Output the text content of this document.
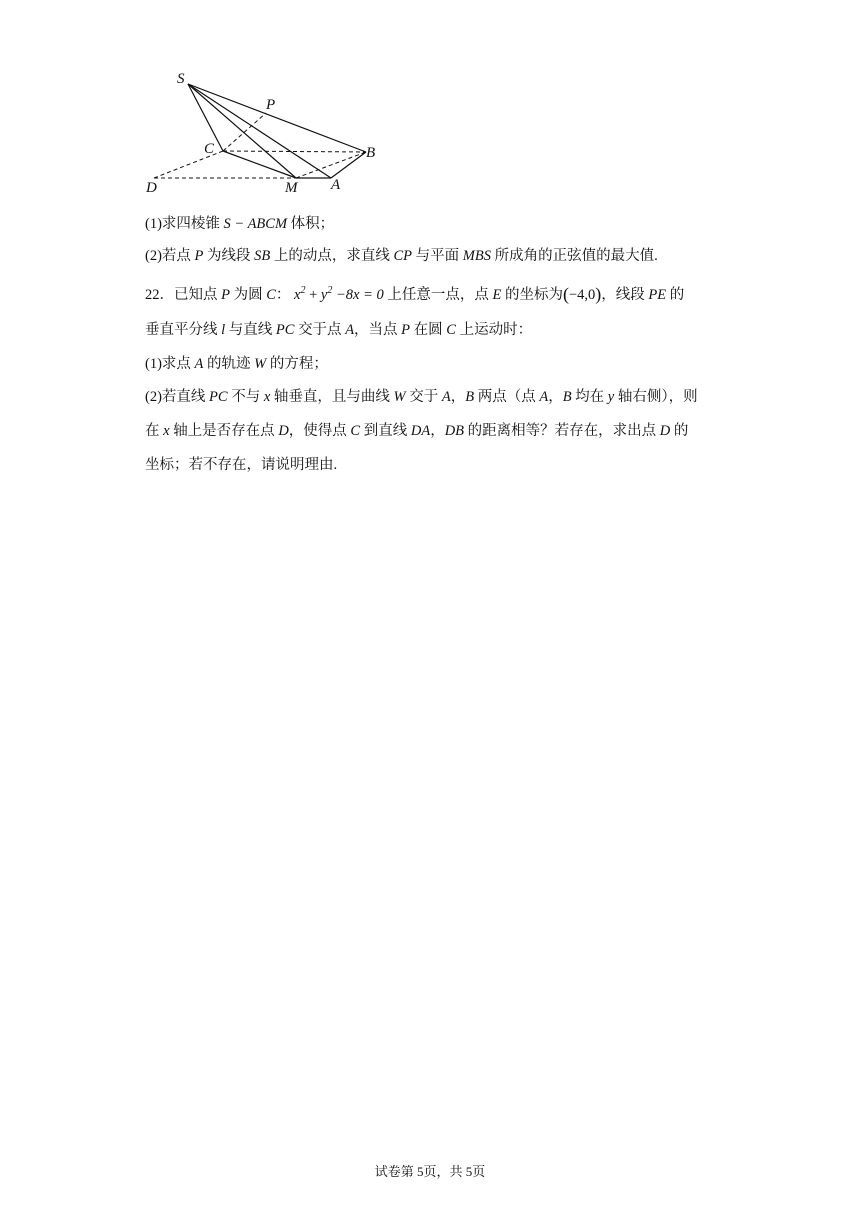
S
P
C	B
D	M A
(1)求四棱锥 S − ABCM 体积；
(2)若点 P 为线段 SB 上的动点，求直线 CP 与平面 MBS 所成角的正弦值的最大值.
22．已知点 P 为圆 C： $x^2 + y^2 -8x = 0$ 上任意一点，点 E 的坐标为(−4,0)，线段 PE 的
垂直平分线 l 与直线 PC 交于点 A，当点 P 在圆 C 上运动时：
(1)求点 A 的轨迹 W 的方程；
(2)若直线 PC 不与 x 轴垂直，且与曲线 W 交于 A，B 两点（点 A，B 均在 y 轴右侧），则
在 x 轴上是否存在点 D，使得点 C 到直线 DA，DB 的距离相等？若存在，求出点 D 的
坐标；若不存在，请说明理由.
试卷第 5页，共 5页
